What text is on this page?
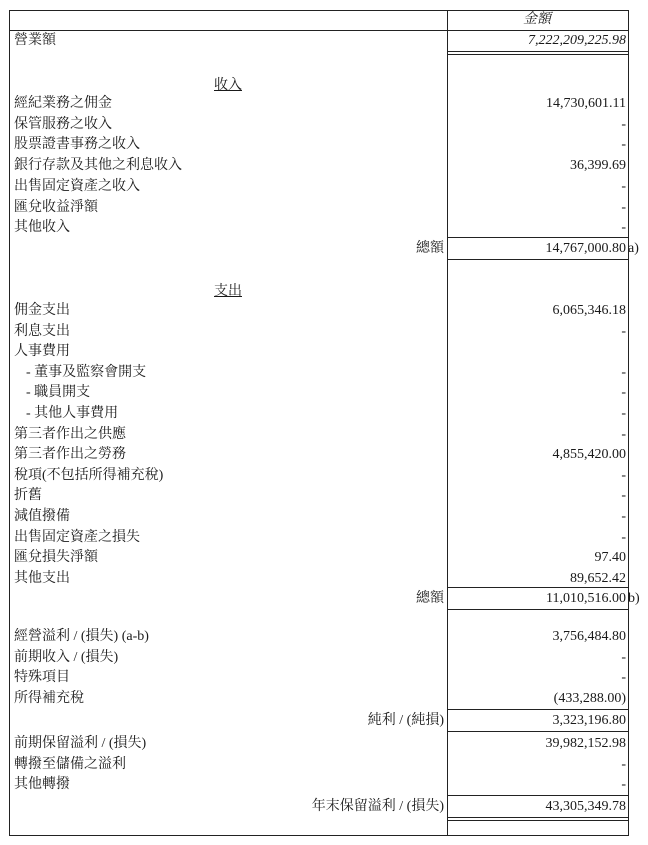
金額
營業額	7,222,209,225.98
收入
經紀業務之佣金	14,730,601.11
保管服務之收入	-
股票證書事務之收入	-
銀行存款及其他之利息收入	36,399.69
出售固定資產之收入	-
匯兌收益淨額	-
其他收入	-
總額	14,767,000.80 a)
支出
佣金支出	6,065,346.18
利息支出	-
人事費用
- 董事及監察會開支	-
- 職員開支	-
- 其他人事費用	-
第三者作出之供應	-
第三者作出之勞務	4,855,420.00
稅項(不包括所得補充稅)	-
折舊	-
減值撥備	-
出售固定資產之損失	-
匯兌損失淨額	97.40
其他支出	89,652.42
總額	11,010,516.00 b)
經營溢利 / (損失) (a-b)	3,756,484.80
前期收入 / (損失)	-
特殊項目	-
所得補充稅	(433,288.00)
純利 / (純損)	3,323,196.80
前期保留溢利 / (損失)	39,982,152.98
轉撥至儲備之溢利	-
其他轉撥	-
年末保留溢利 / (損失)	43,305,349.78
